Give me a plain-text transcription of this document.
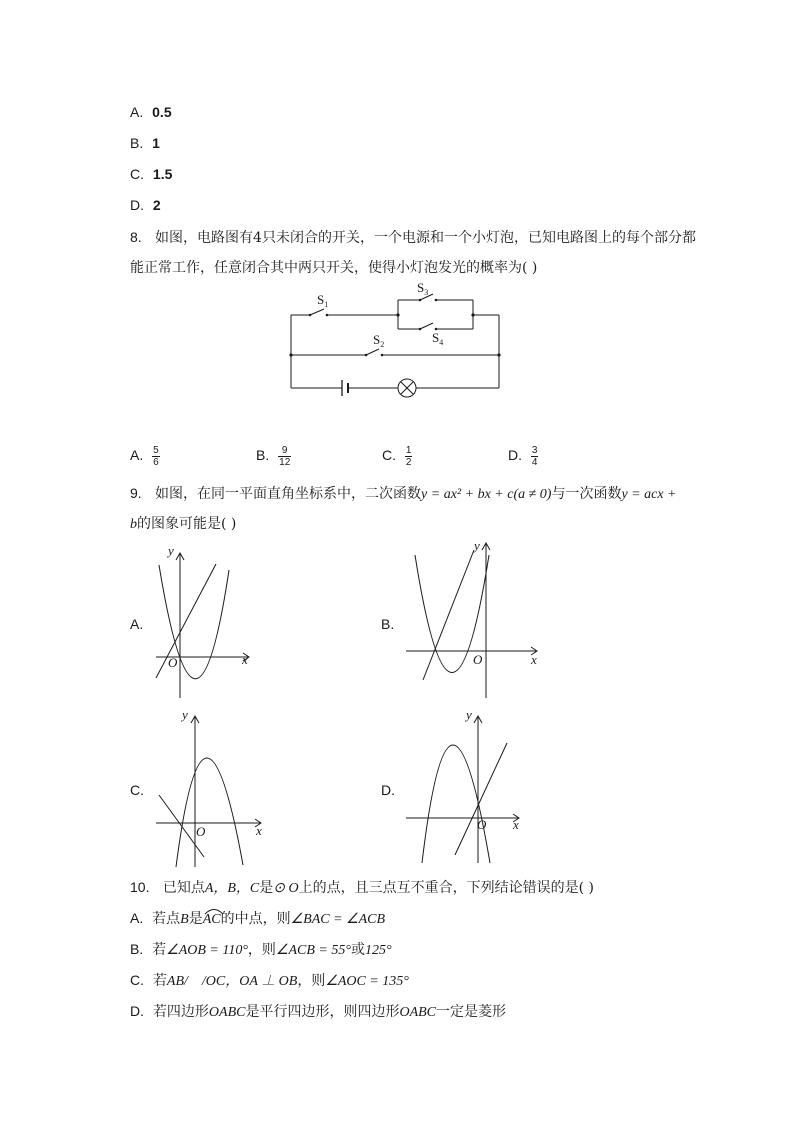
A. 0.5
B. 1
C. 1.5
D. 2
8. 如图，电路图有4只未闭合的开关，一个电源和一个小灯泡，已知电路图上的每个部分都
能正常工作，任意闭合其中两只开关，使得小灯泡发光的概率为( )
$S_1$
$S_3$
$S_4$
$S_2$
A. $\frac{5}{6}$	B. $\frac{9}{12}$	C. $\frac{1}{2}$	D. $\frac{3}{4}$
9. 如图，在同一平面直角坐标系中，二次函数y = ax² + bx + c(a ≠ 0)与一次函数y = acx +
b的图象可能是( )
A.	B.
C.	D.
y
x
O
y
x
O
y
x
O
y
x
O
10. 已知点A，B，C是⊙ O上的点，且三点互不重合，下列结论错误的是( )
A. 若点B是
AC的中点，则∠BAC = ∠ACB
B. 若∠AOB = 110°，则∠ACB = 55°或125°
C. 若AB/    /OC，OA ⊥ OB，则∠AOC = 135°
D. 若四边形OABC是平行四边形，则四边形OABC一定是菱形
